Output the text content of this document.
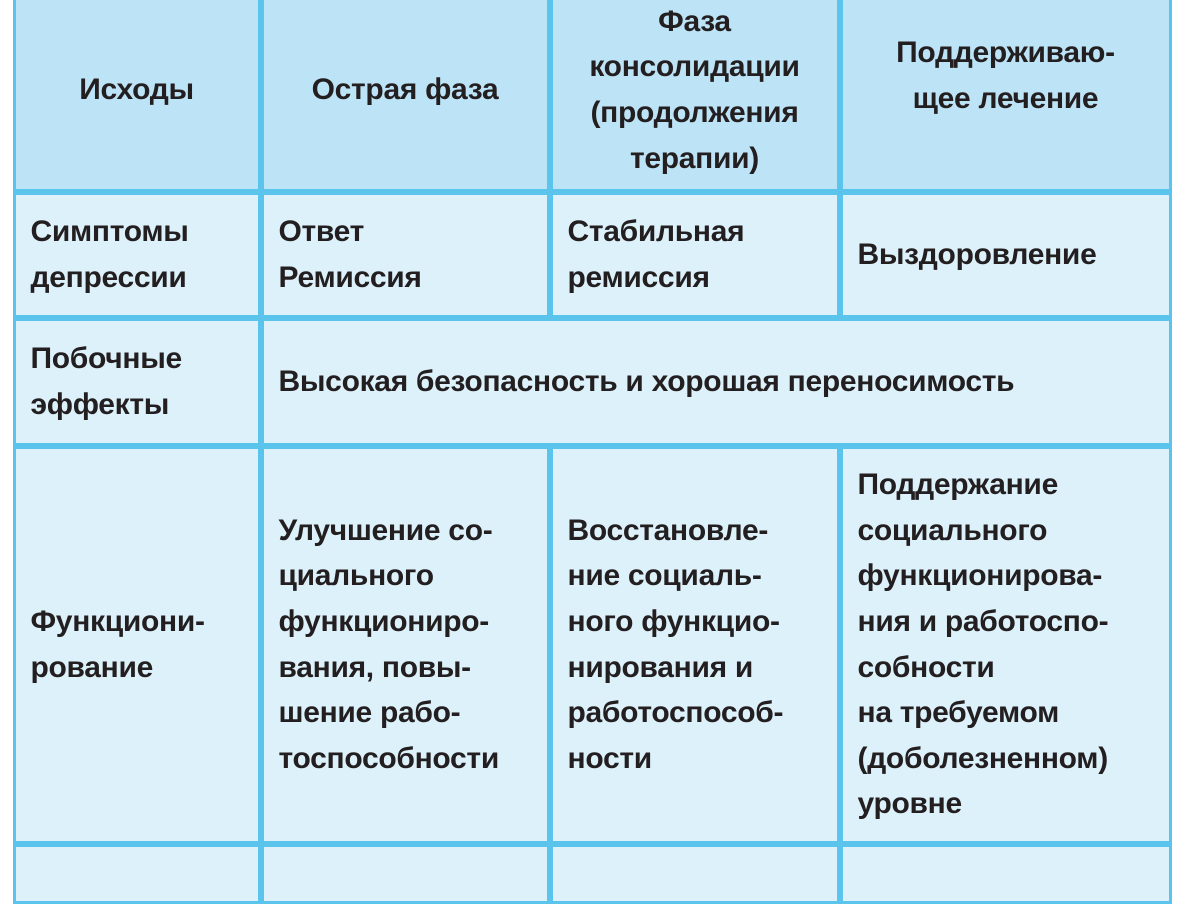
Исходы	Острая фаза
Фаза
консолидации
(продолжения
терапии)
Поддерживаю-
щее лечение
Симптомы
депрессии
Ответ
Ремиссия
Стабильная
ремиссия
Выздоровление
Побочные
эффекты
Высокая безопасность и хорошая переносимость
Функциони-
рование
Улучшение со-
циального
функциониро-
вания, повы-
шение рабо-
тоспособности
Восстановле-
ние социаль-
ного функцио-
нирования и
работоспособ-
ности
Поддержание
социального
функционирова-
ния и работоспо-
собности
на требуемом
(доболезненном)
уровне
